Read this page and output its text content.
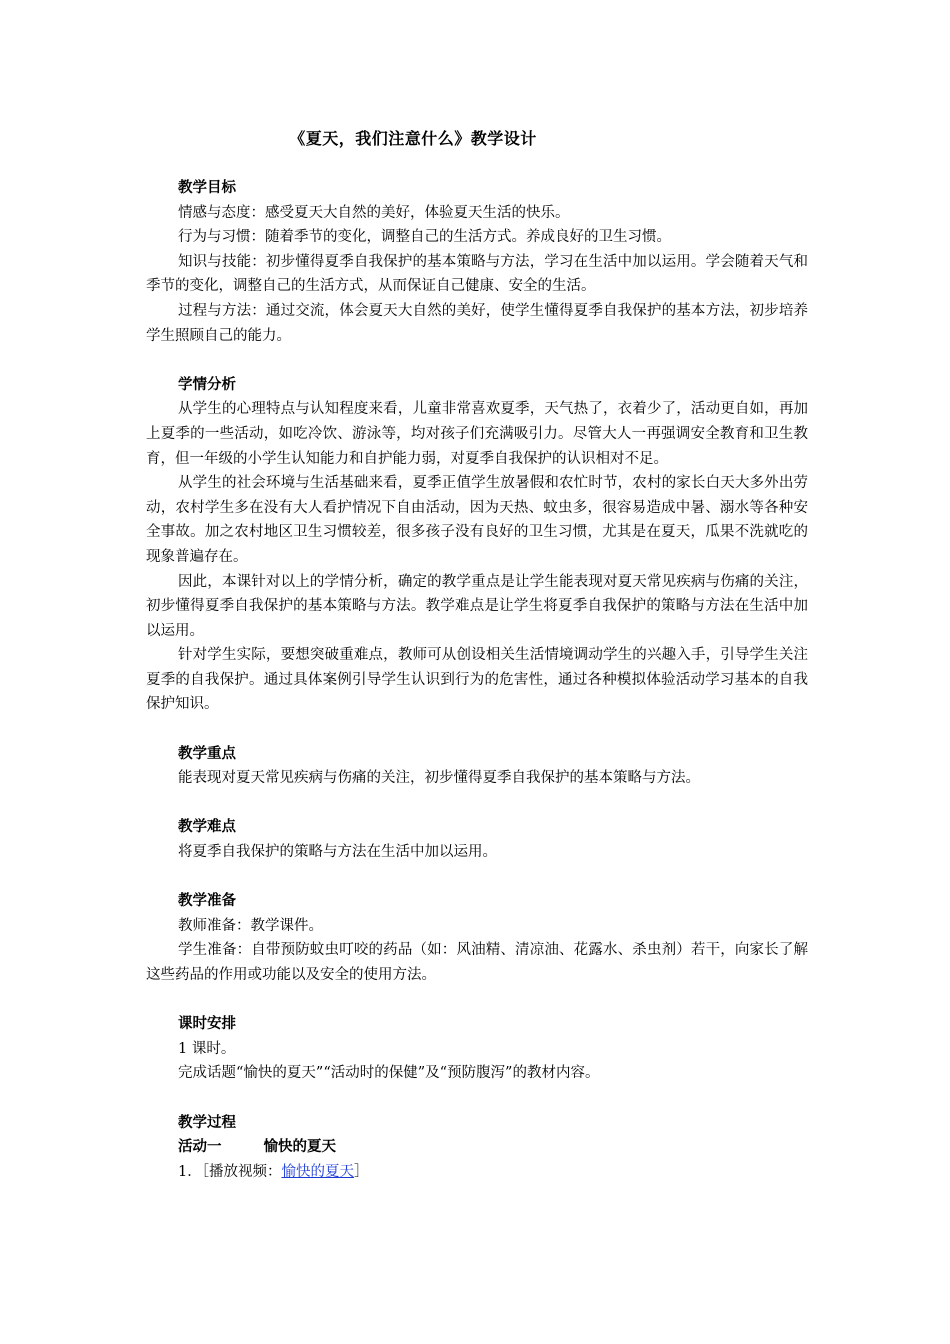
《夏天，我们注意什么》教学设计
教学目标

情感与态度：感受夏天大自然的美好，体验夏天生活的快乐。

行为与习惯：随着季节的变化，调整自己的生活方式。养成良好的卫生习惯。

知识与技能：初步懂得夏季自我保护的基本策略与方法，学习在生活中加以运用。学会随着天气和季节的变化，调整自己的生活方式，从而保证自己健康、安全的生活。

过程与方法：通过交流，体会夏天大自然的美好，使学生懂得夏季自我保护的基本方法，初步培养学生照顾自己的能力。

学情分析

从学生的心理特点与认知程度来看，儿童非常喜欢夏季，天气热了，衣着少了，活动更自如，再加上夏季的一些活动，如吃冷饮、游泳等，均对孩子们充满吸引力。尽管大人一再强调安全教育和卫生教育，但一年级的小学生认知能力和自护能力弱，对夏季自我保护的认识相对不足。

从学生的社会环境与生活基础来看，夏季正值学生放暑假和农忙时节，农村的家长白天大多外出劳动，农村学生多在没有大人看护情况下自由活动，因为天热、蚊虫多，很容易造成中暑、溺水等各种安全事故。加之农村地区卫生习惯较差，很多孩子没有良好的卫生习惯，尤其是在夏天，瓜果不洗就吃的现象普遍存在。

因此，本课针对以上的学情分析，确定的教学重点是让学生能表现对夏天常见疾病与伤痛的关注，初步懂得夏季自我保护的基本策略与方法。教学难点是让学生将夏季自我保护的策略与方法在生活中加以运用。

针对学生实际，要想突破重难点，教师可从创设相关生活情境调动学生的兴趣入手，引导学生关注夏季的自我保护。通过具体案例引导学生认识到行为的危害性，通过各种模拟体验活动学习基本的自我保护知识。

教学重点

能表现对夏天常见疾病与伤痛的关注，初步懂得夏季自我保护的基本策略与方法。

教学难点

将夏季自我保护的策略与方法在生活中加以运用。

教学准备

教师准备：教学课件。

学生准备：自带预防蚊虫叮咬的药品（如：风油精、清凉油、花露水、杀虫剂）若干，向家长了解这些药品的作用或功能以及安全的使用方法。

课时安排

1 课时。

完成话题“愉快的夏天”“活动时的保健”及“预防腹泻”的教材内容。

教学过程
活动一	愉快的夏天
1．［播放视频：愉快的夏天］
